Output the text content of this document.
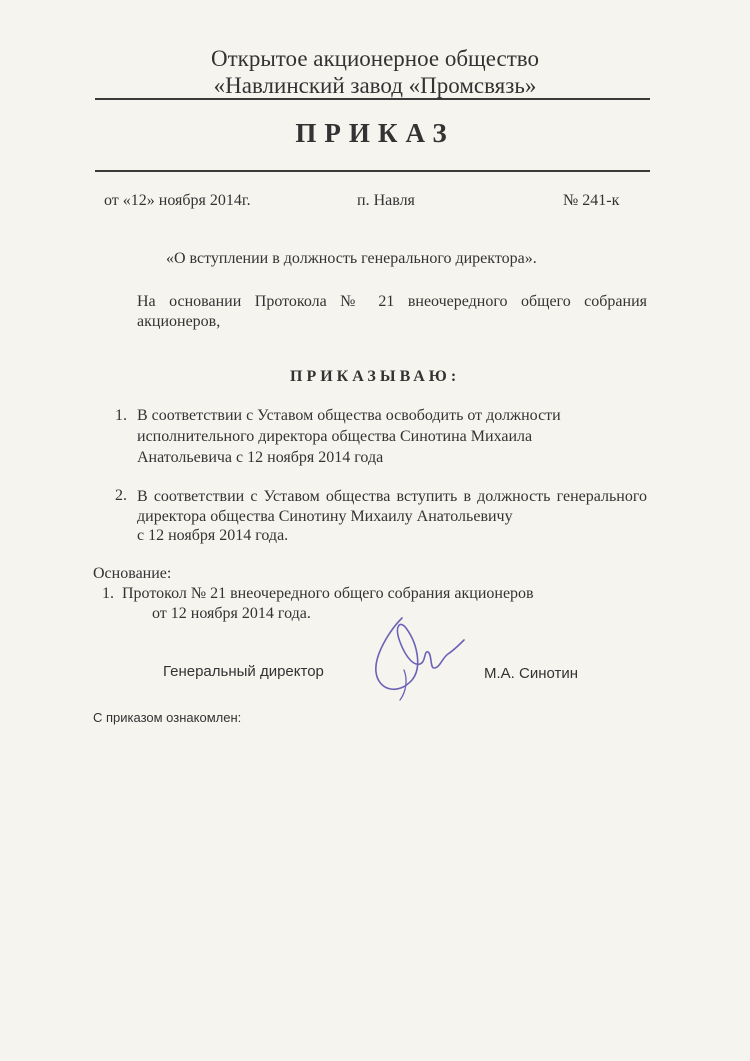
Открытое акционерное общество
«Навлинский завод «Промсвязь»
ПРИКАЗ
от «12» ноября 2014г.	п. Навля	№ 241-к
«О вступлении в должность генерального директора».
На основании Протокола № 21 внеочередного общего собрания акционеров,
ПРИКАЗЫВАЮ:
1. В соответствии с Уставом общества освободить от должности
исполнительного директора общества Синотина Михаила
Анатольевича с 12 ноября 2014 года
2. В соответствии с Уставом общества вступить в должность генерального директора общества Синотину Михаилу Анатольевичу
с 12 ноября 2014 года.
Основание:
1. Протокол № 21 внеочередного общего собрания акционеров
от 12 ноября 2014 года.
Генеральный директор	М.А. Синотин
С приказом ознакомлен:
